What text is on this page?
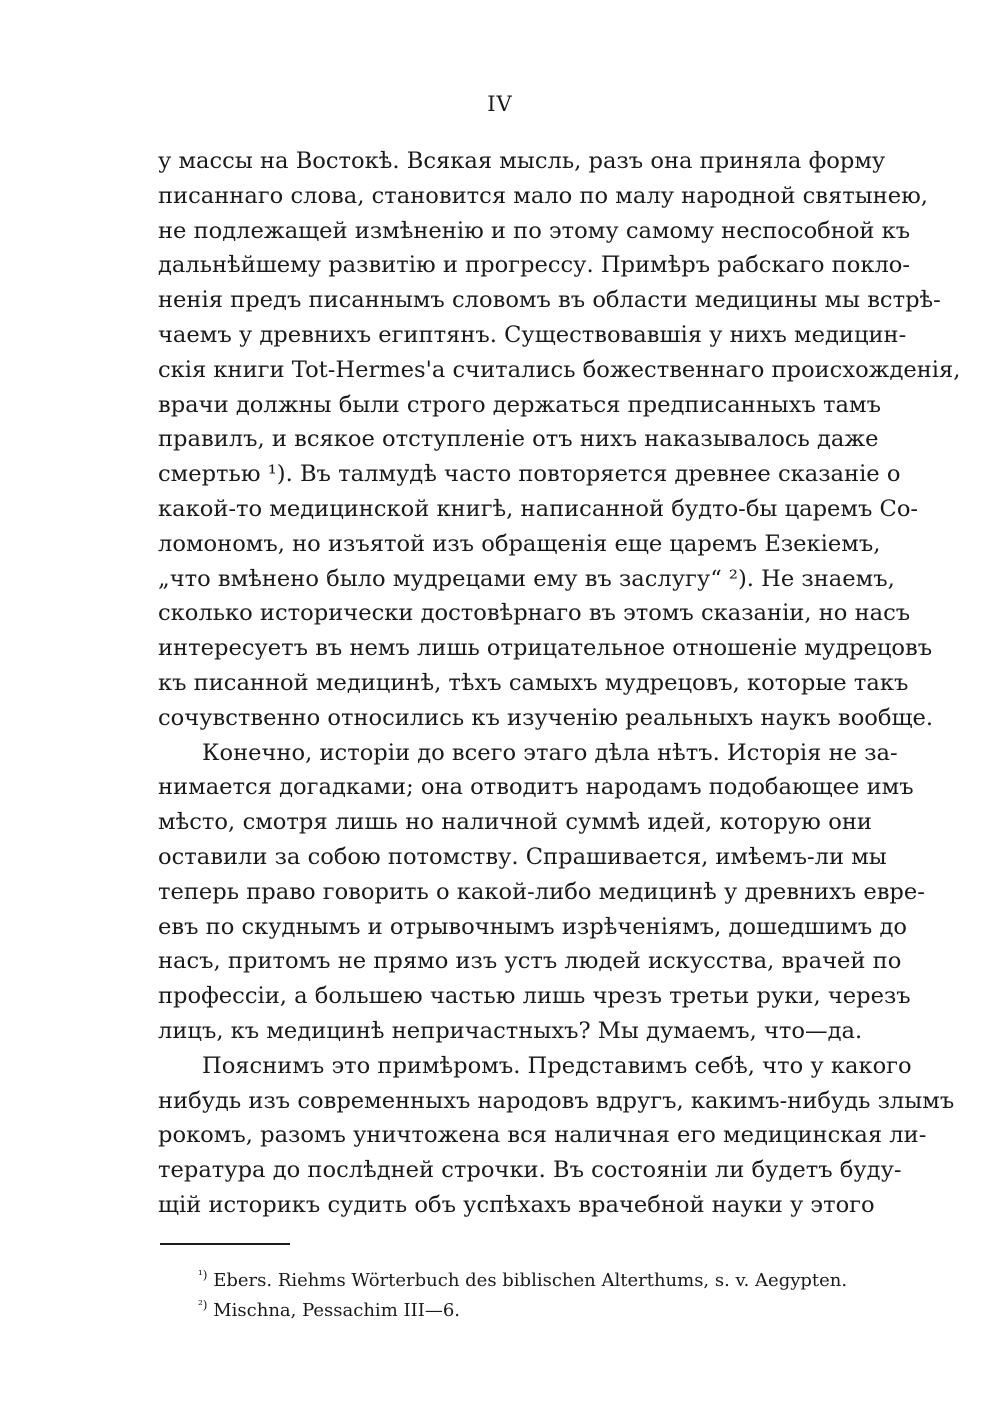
IV
у массы на Востокѣ. Всякая мысль, разъ она приняла форму
писаннаго слова, становится мало по малу народной святынею,
не подлежащей измѣненію и по этому самому неспособной къ
дальнѣйшему развитію и прогрессу. Примѣръ рабскаго покло-
ненія предъ писаннымъ словомъ въ области медицины мы встрѣ-
чаемъ у древнихъ египтянъ. Существовавшія у нихъ медицин-
скія книги Tot-Hermes'a считались божественнаго происхожденія,
врачи должны были строго держаться предписанныхъ тамъ
правилъ, и всякое отступленіе отъ нихъ наказывалось даже
смертью ¹). Въ талмудѣ часто повторяется древнее сказаніе о
какой-то медицинской книгѣ, написанной будто-бы царемъ Со-
ломономъ, но изъятой изъ обращенія еще царемъ Езекіемъ,
„что вмѣнено было мудрецами ему въ заслугу“ ²). Не знаемъ,
сколько исторически достовѣрнаго въ этомъ сказаніи, но насъ
интересуетъ въ немъ лишь отрицательное отношеніе мудрецовъ
къ писанной медицинѣ, тѣхъ самыхъ мудрецовъ, которые такъ
сочувственно относились къ изученію реальныхъ наукъ вообще.
Конечно, исторіи до всего этаго дѣла нѣтъ. Исторія не за-
нимается догадками; она отводитъ народамъ подобающее имъ
мѣсто, смотря лишь но наличной суммѣ идей, которую они
оставили за собою потомству. Спрашивается, имѣемъ-ли мы
теперь право говорить о какой-либо медицинѣ у древнихъ евре-
евъ по скуднымъ и отрывочнымъ изрѣченіямъ, дошедшимъ до
насъ, притомъ не прямо изъ устъ людей искусства, врачей по
профессіи, а большею частью лишь чрезъ третьи руки, черезъ
лицъ, къ медицинѣ непричастныхъ? Мы думаемъ, что—да.
Пояснимъ это примѣромъ. Представимъ себѣ, что у какого
нибудь изъ современныхъ народовъ вдругъ, какимъ-нибудь злымъ
рокомъ, разомъ уничтожена вся наличная его медицинская ли-
тература до послѣдней строчки. Въ состояніи ли будетъ буду-
щій историкъ судить объ успѣхахъ врачебной науки у этого
$^{^1)}$ Ebers. Riehms Wörterbuch des biblischen Alterthums, s. v. Aegypten.
$^{^2)}$ Mischna, Pessachim III—6.
